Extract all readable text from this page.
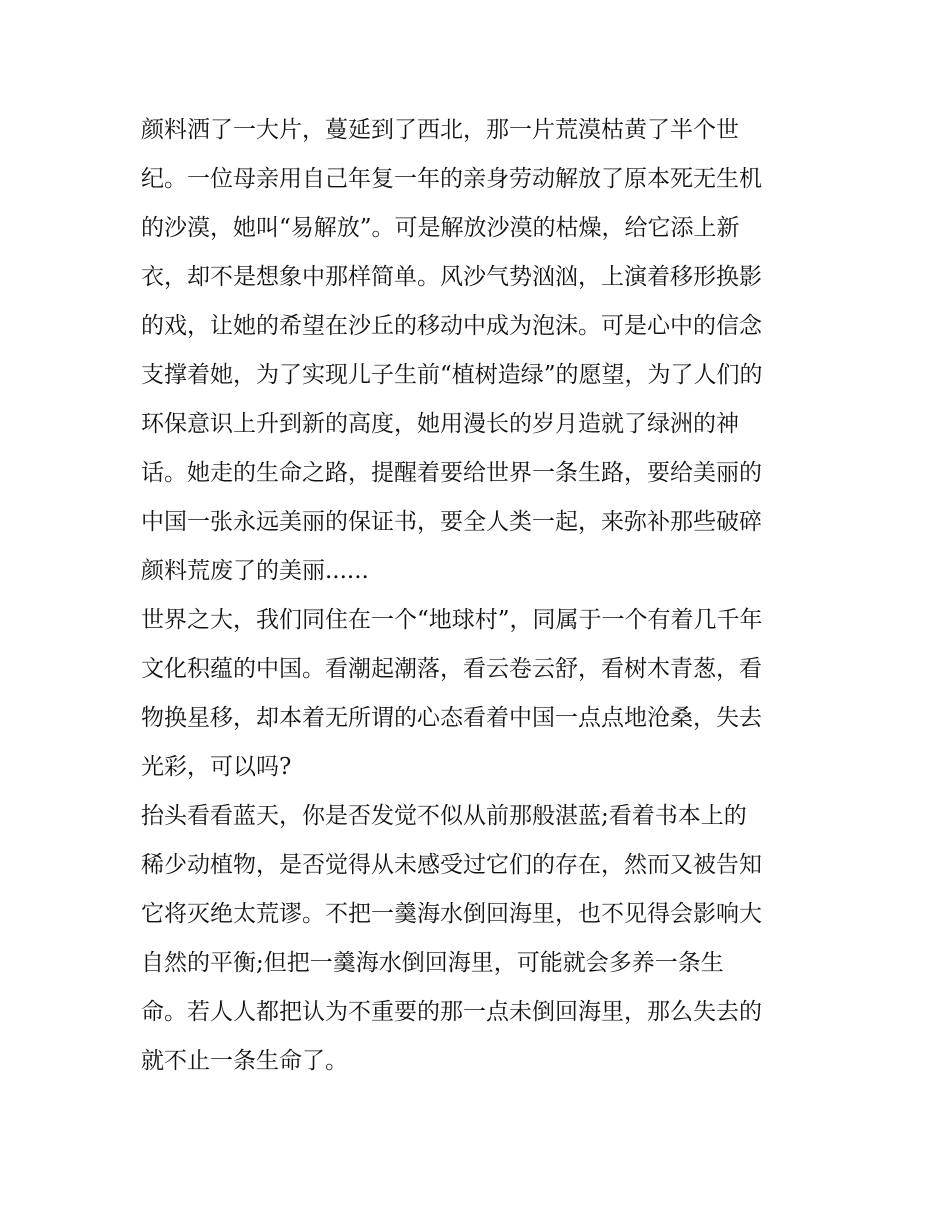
颜料洒了一大片，蔓延到了西北，那一片荒漠枯黄了半个世
纪。一位母亲用自己年复一年的亲身劳动解放了原本死无生机
的沙漠，她叫“易解放”。可是解放沙漠的枯燥，给它添上新
衣，却不是想象中那样简单。风沙气势汹汹，上演着移形换影
的戏，让她的希望在沙丘的移动中成为泡沫。可是心中的信念
支撑着她，为了实现儿子生前“植树造绿”的愿望，为了人们的
环保意识上升到新的高度，她用漫长的岁月造就了绿洲的神
话。她走的生命之路，提醒着要给世界一条生路，要给美丽的
中国一张永远美丽的保证书，要全人类一起，来弥补那些破碎
颜料荒废了的美丽......
世界之大，我们同住在一个“地球村”，同属于一个有着几千年
文化积蕴的中国。看潮起潮落，看云卷云舒，看树木青葱，看
物换星移，却本着无所谓的心态看着中国一点点地沧桑，失去
光彩，可以吗?
抬头看看蓝天，你是否发觉不似从前那般湛蓝;看着书本上的
稀少动植物，是否觉得从未感受过它们的存在，然而又被告知
它将灭绝太荒谬。不把一羹海水倒回海里，也不见得会影响大
自然的平衡;但把一羹海水倒回海里，可能就会多养一条生
命。若人人都把认为不重要的那一点未倒回海里，那么失去的
就不止一条生命了。
